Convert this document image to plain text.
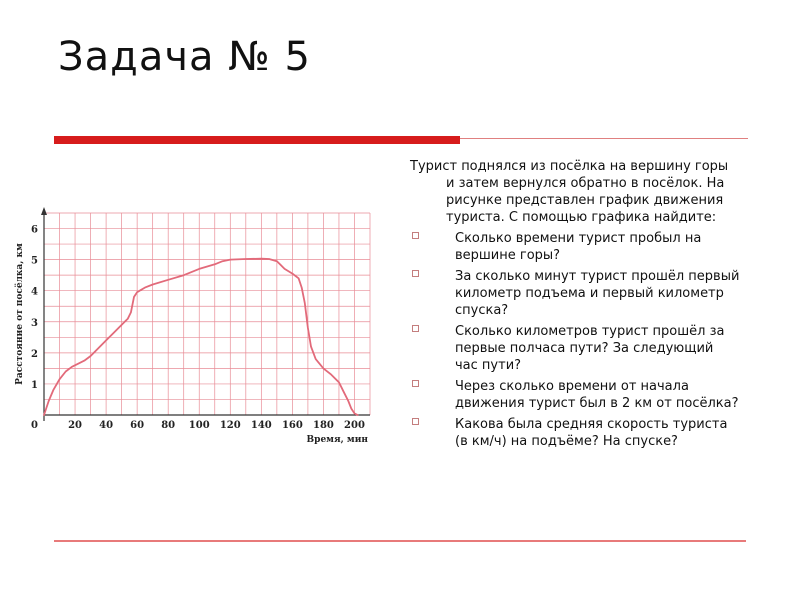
Задача № 5
20 40 60 80 100 120 140 160 180 200
1
2
3
4
5
6
0
Время, мин
Расстояние от посёлка, км

Турист поднялся из посёлка на вершину горы и затем вернулся обратно в посёлок. На рисунке представлен график движения туриста. С помощью графика найдите:

Сколько времени турист пробыл на вершине горы?
За сколько минут турист прошёл первый километр подъема и первый километр спуска?
Сколько километров турист прошёл за первые полчаса пути? За следующий час пути?
Через сколько времени от начала движения турист был в 2 км от посёлка?
Какова была средняя скорость туриста (в км/ч) на подъёме? На спуске?
